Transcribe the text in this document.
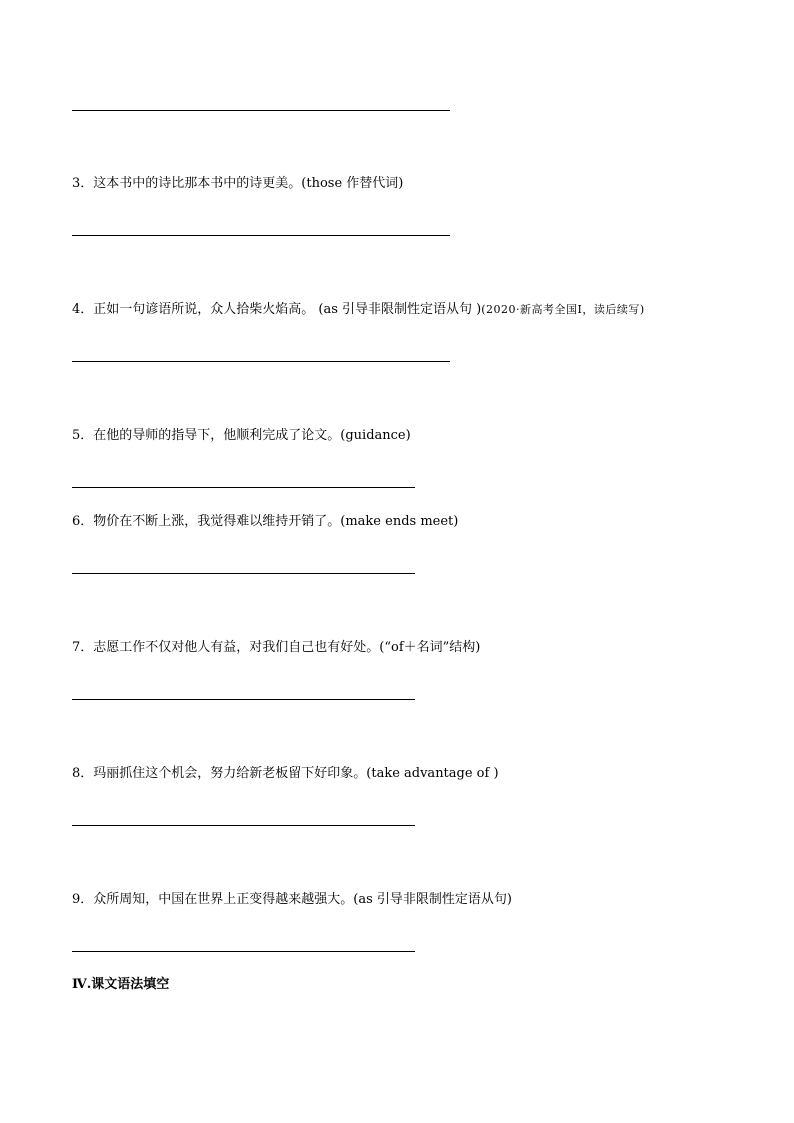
3．这本书中的诗比那本书中的诗更美。(those 作替代词)
4．正如一句谚语所说，众人拾柴火焰高。 (as 引导非限制性定语从句 )(2020·新高考全国Ⅰ，读后续写)
5．在他的导师的指导下，他顺利完成了论文。(guidance)
6．物价在不断上涨，我觉得难以维持开销了。(make ends meet)
7．志愿工作不仅对他人有益，对我们自己也有好处。(“of＋名词”结构)
8．玛丽抓住这个机会，努力给新老板留下好印象。(take advantage of )
9．众所周知，中国在世界上正变得越来越强大。(as 引导非限制性定语从句)
Ⅳ.课文语法填空
